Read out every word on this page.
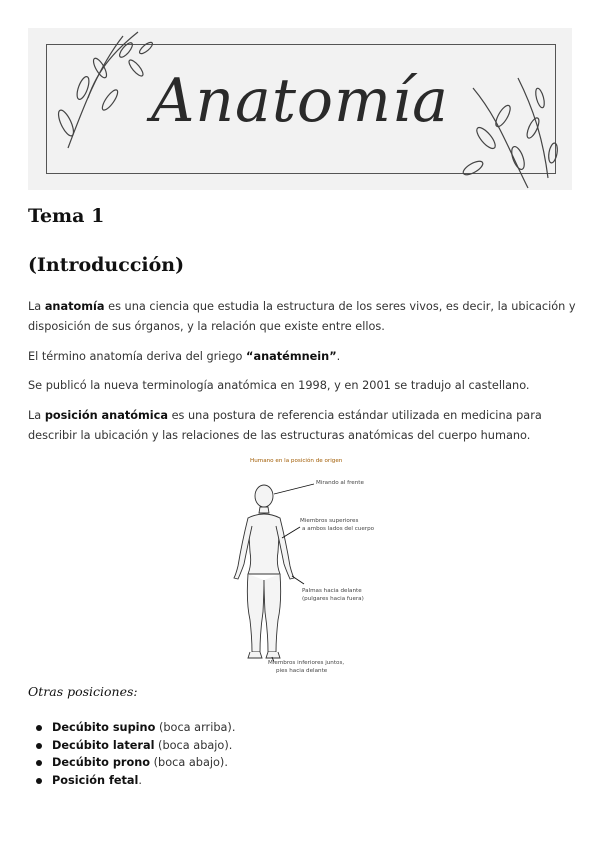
Anatomía
Tema 1
(Introducción)

La anatomía es una ciencia que estudia la estructura de los seres vivos, es decir, la ubicación y disposición de sus órganos, y la relación que existe entre ellos.

El término anatomía deriva del griego “anatémnein”.

Se publicó la nueva terminología anatómica en 1998, y en 2001 se tradujo al castellano.

La posición anatómica es una postura de referencia estándar utilizada en medicina para describir la ubicación y las relaciones de las estructuras anatómicas del cuerpo humano.

Humano en la posición de origen
Mirando al frente
Miembros superiores
a ambos lados del cuerpo
Palmas hacia delante
(pulgares hacia fuera)
Miembros inferiores juntos,
pies hacia delante
Otras posiciones:
Decúbito supino (boca arriba).
Decúbito lateral (boca abajo).
Decúbito prono (boca abajo).
Posición fetal.
